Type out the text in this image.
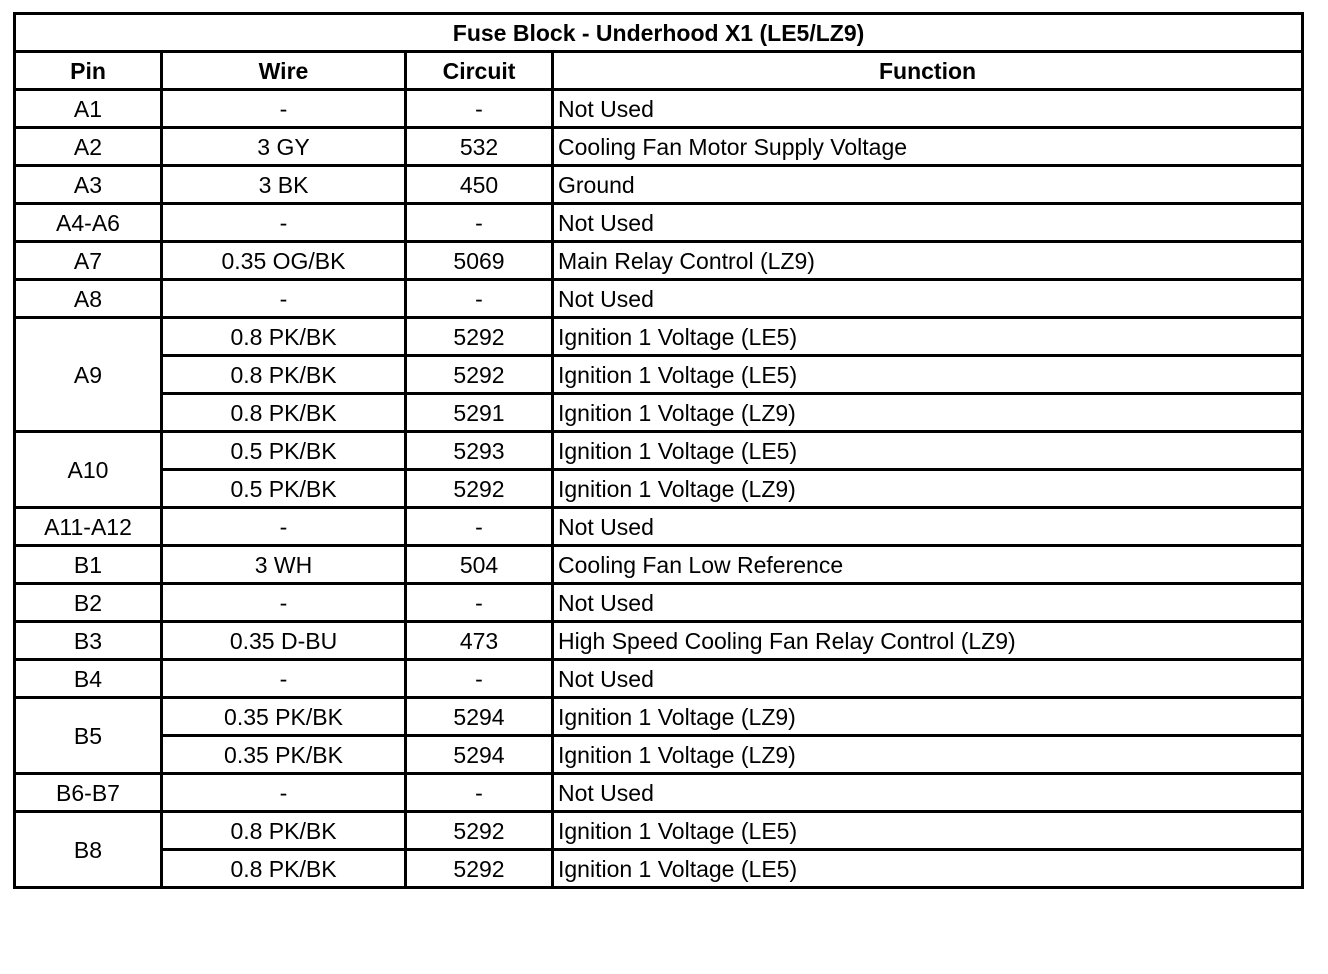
Fuse Block - Underhood X1 (LE5/LZ9)			
Pin	Wire	Circuit	Function
A1	-	-	Not Used
A2	3 GY	532	Cooling Fan Motor Supply Voltage
A3	3 BK	450	Ground
A4-A6	-	-	Not Used
A7	0.35 OG/BK	5069	Main Relay Control (LZ9)
A8	-	-	Not Used
A9	0.8 PK/BK	5292	Ignition 1 Voltage (LE5)
	0.8 PK/BK	5292	Ignition 1 Voltage (LE5)
	0.8 PK/BK	5291	Ignition 1 Voltage (LZ9)
A10	0.5 PK/BK	5293	Ignition 1 Voltage (LE5)
	0.5 PK/BK	5292	Ignition 1 Voltage (LZ9)
A11-A12	-	-	Not Used
B1	3 WH	504	Cooling Fan Low Reference
B2	-	-	Not Used
B3	0.35 D-BU	473	High Speed Cooling Fan Relay Control (LZ9)
B4	-	-	Not Used
B5	0.35 PK/BK	5294	Ignition 1 Voltage (LZ9)
	0.35 PK/BK	5294	Ignition 1 Voltage (LZ9)
B6-B7	-	-	Not Used
B8	0.8 PK/BK	5292	Ignition 1 Voltage (LE5)
	0.8 PK/BK	5292	Ignition 1 Voltage (LE5)
